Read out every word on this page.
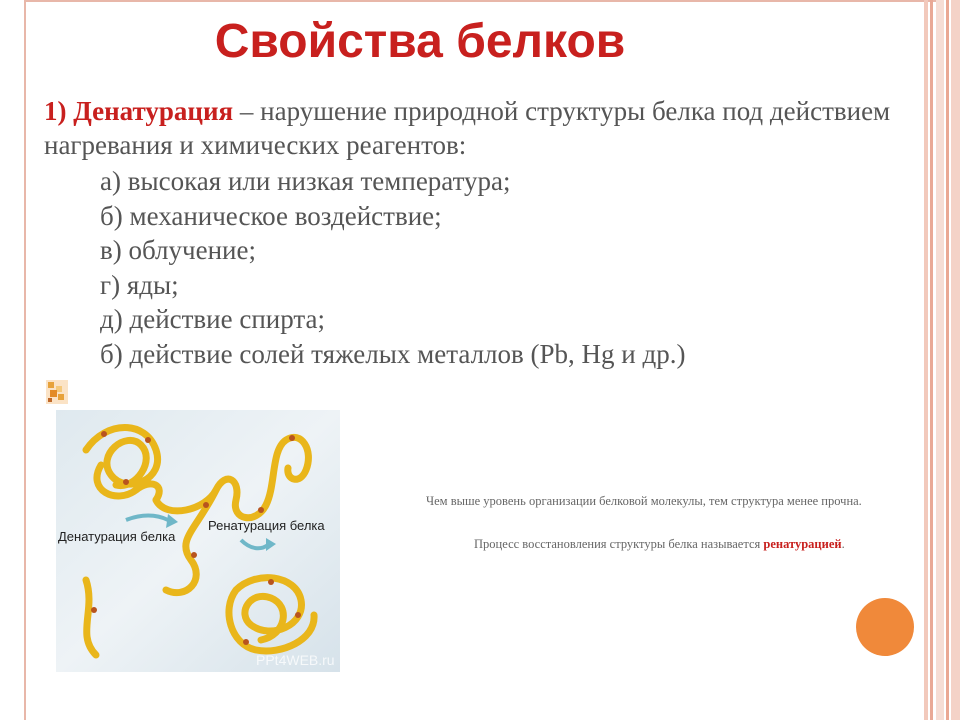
Свойства белков
1) Денатурация – нарушение природной структуры белка под действием нагревания и химических реагентов:
а) высокая или низкая температура;
б) механическое воздействие;
в) облучение;
г) яды;
д) действие спирта;
б) действие солей тяжелых металлов (Pb, Hg и др.)
Денатурация белка
Ренатурация белка
PPt4WEB.ru
Чем выше уровень организации белковой молекулы, тем структура менее прочна.
Процесс восстановления структуры белка называется ренатурацией.
